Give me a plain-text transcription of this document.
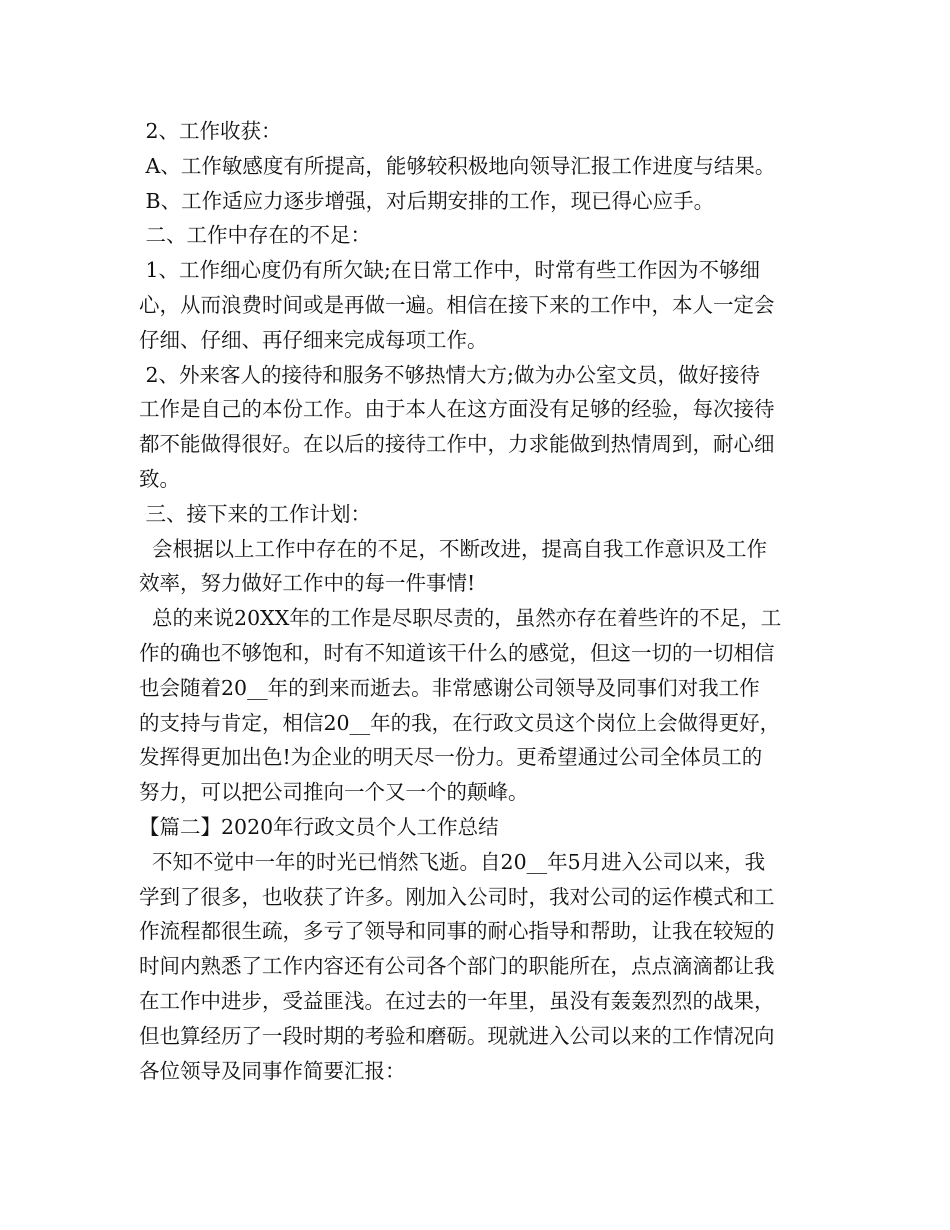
2、工作收获：
A、工作敏感度有所提高，能够较积极地向领导汇报工作进度与结果。
B、工作适应力逐步增强，对后期安排的工作，现已得心应手。
二、工作中存在的不足：
1、工作细心度仍有所欠缺;在日常工作中，时常有些工作因为不够细
心，从而浪费时间或是再做一遍。相信在接下来的工作中，本人一定会
仔细、仔细、再仔细来完成每项工作。
2、外来客人的接待和服务不够热情大方;做为办公室文员，做好接待
工作是自己的本份工作。由于本人在这方面没有足够的经验，每次接待
都不能做得很好。在以后的接待工作中，力求能做到热情周到，耐心细
致。
三、接下来的工作计划：
会根据以上工作中存在的不足，不断改进，提高自我工作意识及工作
效率，努力做好工作中的每一件事情!
总的来说20XX年的工作是尽职尽责的，虽然亦存在着些许的不足，工
作的确也不够饱和，时有不知道该干什么的感觉，但这一切的一切相信
也会随着20__年的到来而逝去。非常感谢公司领导及同事们对我工作
的支持与肯定，相信20__年的我，在行政文员这个岗位上会做得更好，
发挥得更加出色!为企业的明天尽一份力。更希望通过公司全体员工的
努力，可以把公司推向一个又一个的颠峰。
【篇二】2020年行政文员个人工作总结
不知不觉中一年的时光已悄然飞逝。自20__年5月进入公司以来，我
学到了很多，也收获了许多。刚加入公司时，我对公司的运作模式和工
作流程都很生疏，多亏了领导和同事的耐心指导和帮助，让我在较短的
时间内熟悉了工作内容还有公司各个部门的职能所在，点点滴滴都让我
在工作中进步，受益匪浅。在过去的一年里，虽没有轰轰烈烈的战果，
但也算经历了一段时期的考验和磨砺。现就进入公司以来的工作情况向
各位领导及同事作简要汇报：
